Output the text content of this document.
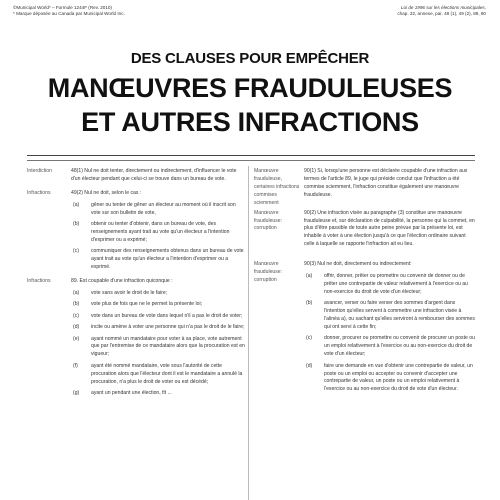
©Municipal World* – Formule 1244F (Rev. 2010)
* Marque déposée au Canada par Municipal World Inc.
Loi de 1996 sur les élections municipales,
chap. 32, annexe, par. 48 (1), 49 (2), 89, 90
DES CLAUSES POUR EMPÊCHER
MANŒUVRES FRAUDULEUSES
ET AUTRES INFRACTIONS
Interdiction	48(1) Nul ne doit tenter, directement ou indirectement, d'influencer le vote d'un électeur pendant que celui-ci se trouve dans un bureau de vote.
Infractions	49(2) Nul ne doit, selon le cas :
(a) gêner ou tenter de gêner un électeur au moment où il inscrit son vote sur son bulletin de vote,
(b) obtenir ou tenter d'obtenir, dans un bureau de vote, des renseignements ayant trait au vote qu'un électeur a l'intention d'exprimer ou a exprimé;
(c) communiquer des renseignements obtenus dans un bureau de vote ayant trait au vote qu'un électeur a l'intention d'exprimer ou a exprimé.
Infractions	89. Est coupable d'une infraction quiconque :
(a) vote sans avoir le droit de le faire;
(b) vote plus de fois que ne le permet la présente loi;
(c) vote dans un bureau de vote dans lequel n'il a pas le droit de voter;
(d) incite ou amène à voter une personne qui n'a pas le droit de le faire;
(e) ayant nommé un mandataire pour voter à sa place, vote autrement que par l'entremise de ce mandataire alors que la procuration est en vigueur;
(f)	ayant été nommé mandataire, vote sous l'autorité de cette procuration alors que l'électeur dont il est le mandataire a annulé la procuration, n'a plus le droit de voter ou est décédé;
(g) ayant un pendant une élection, fit ...
Manœuvre frauduleuse, certaines infractions commises sciemment
90(1) Si, lorsqu'une personne est déclarée coupable d'une infraction aux termes de l'article 89, le juge qui préside conclut que l'infraction a été commise sciemment, l'infraction constitue également une manœuvre frauduleuse.
Manœuvre frauduleuse: corruption
90(2) Une infraction visée au paragraphe (3) constitue une manœuvre frauduleuse et, sur déclaration de culpabilité, la personne qui la commet, en plus d'être passible de toute autre peine prévue par la présente loi, est inhabile à voter à une élection jusqu'à ce que l'élection ordinaire suivant celle à laquelle se rapporte l'infraction ait eu lieu.
Manœuvre frauduleuse: corruption
90(3) Nul ne doit, directement ou indirectement:
(a) offrir, donner, prêter ou promettre ou convenir de donner ou de prêter une contrepartie de valeur relativement à l'exercice ou au non-exercice du droit de vote d'un électeur;
(b) avancer, verser ou faire verser des sommes d'argent dans l'intention qu'elles servent à commettre une infraction visée à l'alinéa a), ou sachant qu'elles serviront à rembourser des sommes qui ont servi à cette fin;
(c) donner, procurer ou promettre ou convenir de procurer un poste ou un emploi relativement à l'exercice ou au non-exercice du droit de vote d'un électeur;
(d) faire une demande en vue d'obtenir une contrepartie de valeur, un poste ou un emploi ou accepter ou convenir d'accepter une contrepartie de valeur, un poste ou un emploi relativement à l'exercice ou au non-exercice du droit de vote d'un électeur.
